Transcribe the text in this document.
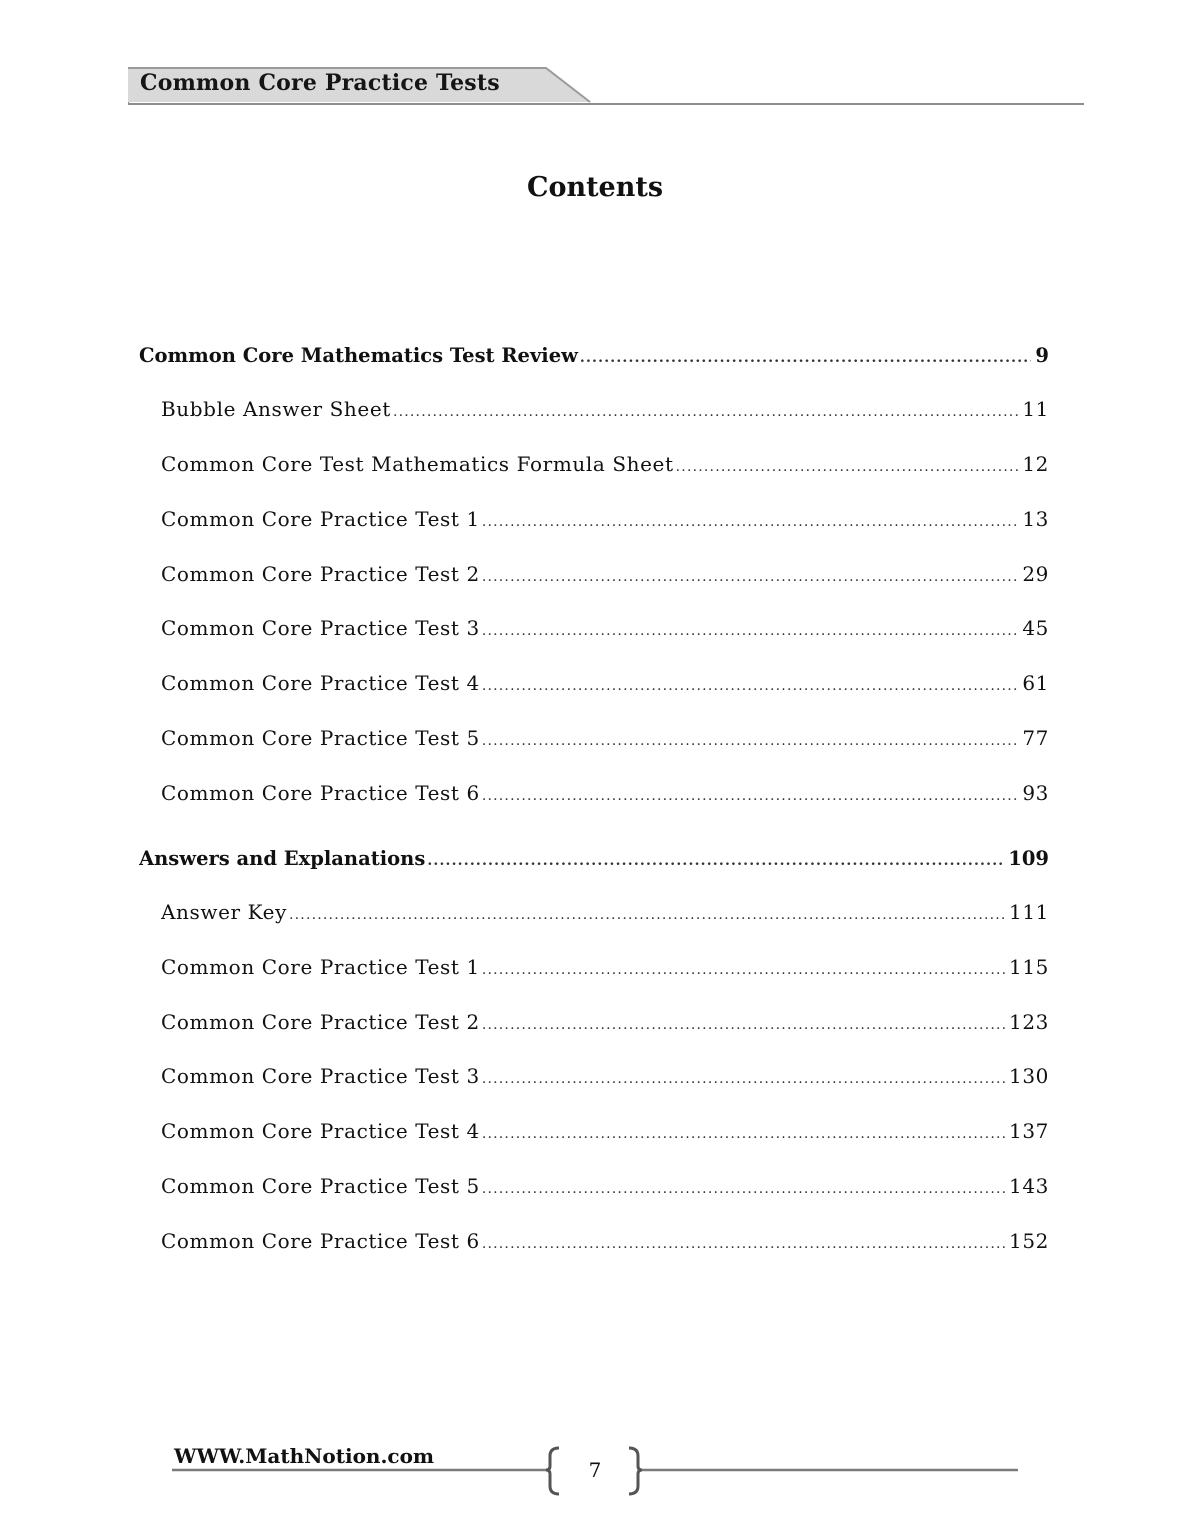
Common Core Practice Tests
Contents
Common Core Mathematics Test Review .....	9
Bubble Answer Sheet .....	11
Common Core Test Mathematics Formula Sheet .....	12
Common Core Practice Test 1 .....	13
Common Core Practice Test 2 .....	29
Common Core Practice Test 3 .....	45
Common Core Practice Test 4 .....	61
Common Core Practice Test 5 .....	77
Common Core Practice Test 6 .....	93
Answers and Explanations .....	109
Answer Key .....	111
Common Core Practice Test 1 .....	115
Common Core Practice Test 2 .....	123
Common Core Practice Test 3 .....	130
Common Core Practice Test 4 .....	137
Common Core Practice Test 5 .....	143
Common Core Practice Test 6 .....	152
WWW.MathNotion.com
7
